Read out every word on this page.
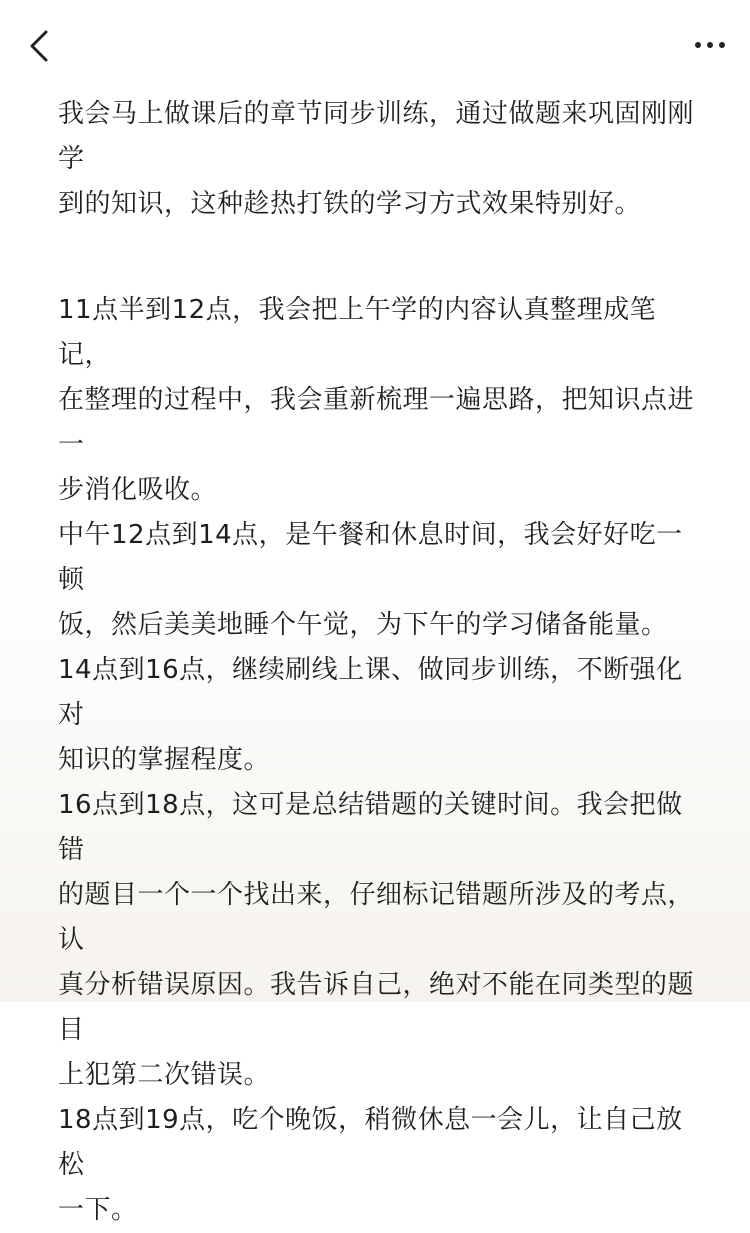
我会马上做课后的章节同步训练，通过做题来巩固刚刚学
到的知识，这种趁热打铁的学习方式效果特别好。

11点半到12点，我会把上午学的内容认真整理成笔记，
在整理的过程中，我会重新梳理一遍思路，把知识点进一
步消化吸收。

中午12点到14点，是午餐和休息时间，我会好好吃一顿
饭，然后美美地睡个午觉，为下午的学习储备能量。

14点到16点，继续刷线上课、做同步训练，不断强化对
知识的掌握程度。

16点到18点，这可是总结错题的关键时间。我会把做错
的题目一个一个找出来，仔细标记错题所涉及的考点，认
真分析错误原因。我告诉自己，绝对不能在同类型的题目
上犯第二次错误。

18点到19点，吃个晚饭，稍微休息一会儿，让自己放松
一下。
